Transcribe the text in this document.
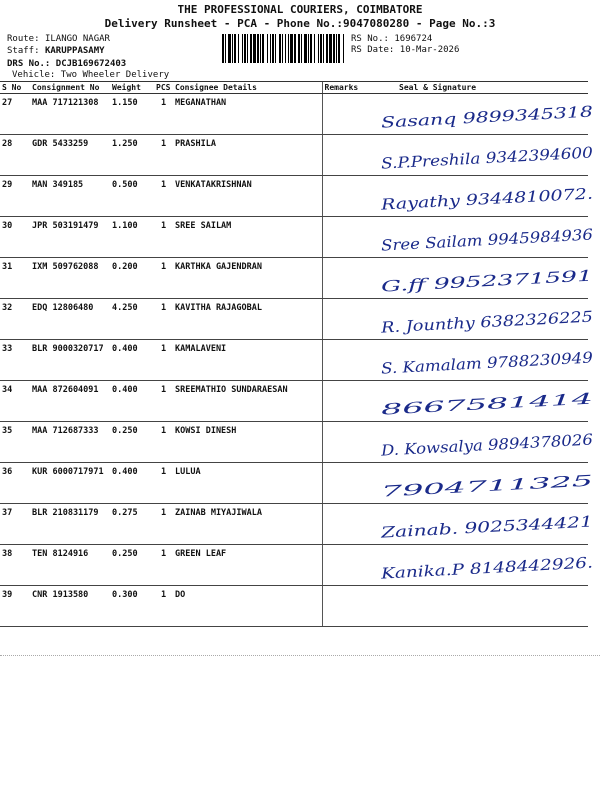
THE PROFESSIONAL COURIERS, COIMBATORE
Delivery Runsheet - PCA - Phone No.:9047080280 - Page No.:3
Route: ILANGO NAGAR
Staff: KARUPPASAMY
DRS No.: DCJB169672403
Vehicle: Two Wheeler Delivery
RS No.: 1696724
RS Date: 10-Mar-2026
S No	Consignment No	Weight	PCS	Consignee Details	Remarks	Seal & Signature
27	MAA 717121308	1.150	1	MEGANATHAN		Sasanq 9899345318

28	GDR 5433259	1.250	1	PRASHILA		S.P.Preshila 9342394600

29	MAN 349185	0.500	1	VENKATAKRISHNAN		Rayathy 9344810072.

30	JPR 503191479	1.100	1	SREE SAILAM		Sree Sailam 9945984936

31	IXM 509762088	0.200	1	KARTHKA GAJENDRAN		G.ff 9952371591

32	EDQ 12806480	4.250	1	KAVITHA RAJAGOBAL		R. Jounthy 6382326225

33	BLR 9000320717	0.400	1	KAMALAVENI		S. Kamalam 9788230949

34	MAA 872604091	0.400	1	SREEMATHIO SUNDARAESAN		8667581414

35	MAA 712687333	0.250	1	KOWSI DINESH		D. Kowsalya 9894378026

36	KUR 6000717971	0.400	1	LULUA		7904711325

37	BLR 210831179	0.275	1	ZAINAB MIYAJIWALA		Zainab. 9025344421

38	TEN 8124916	0.250	1	GREEN LEAF		Kanika.P 8148442926.

39	CNR 1913580	0.300	1	DO		
